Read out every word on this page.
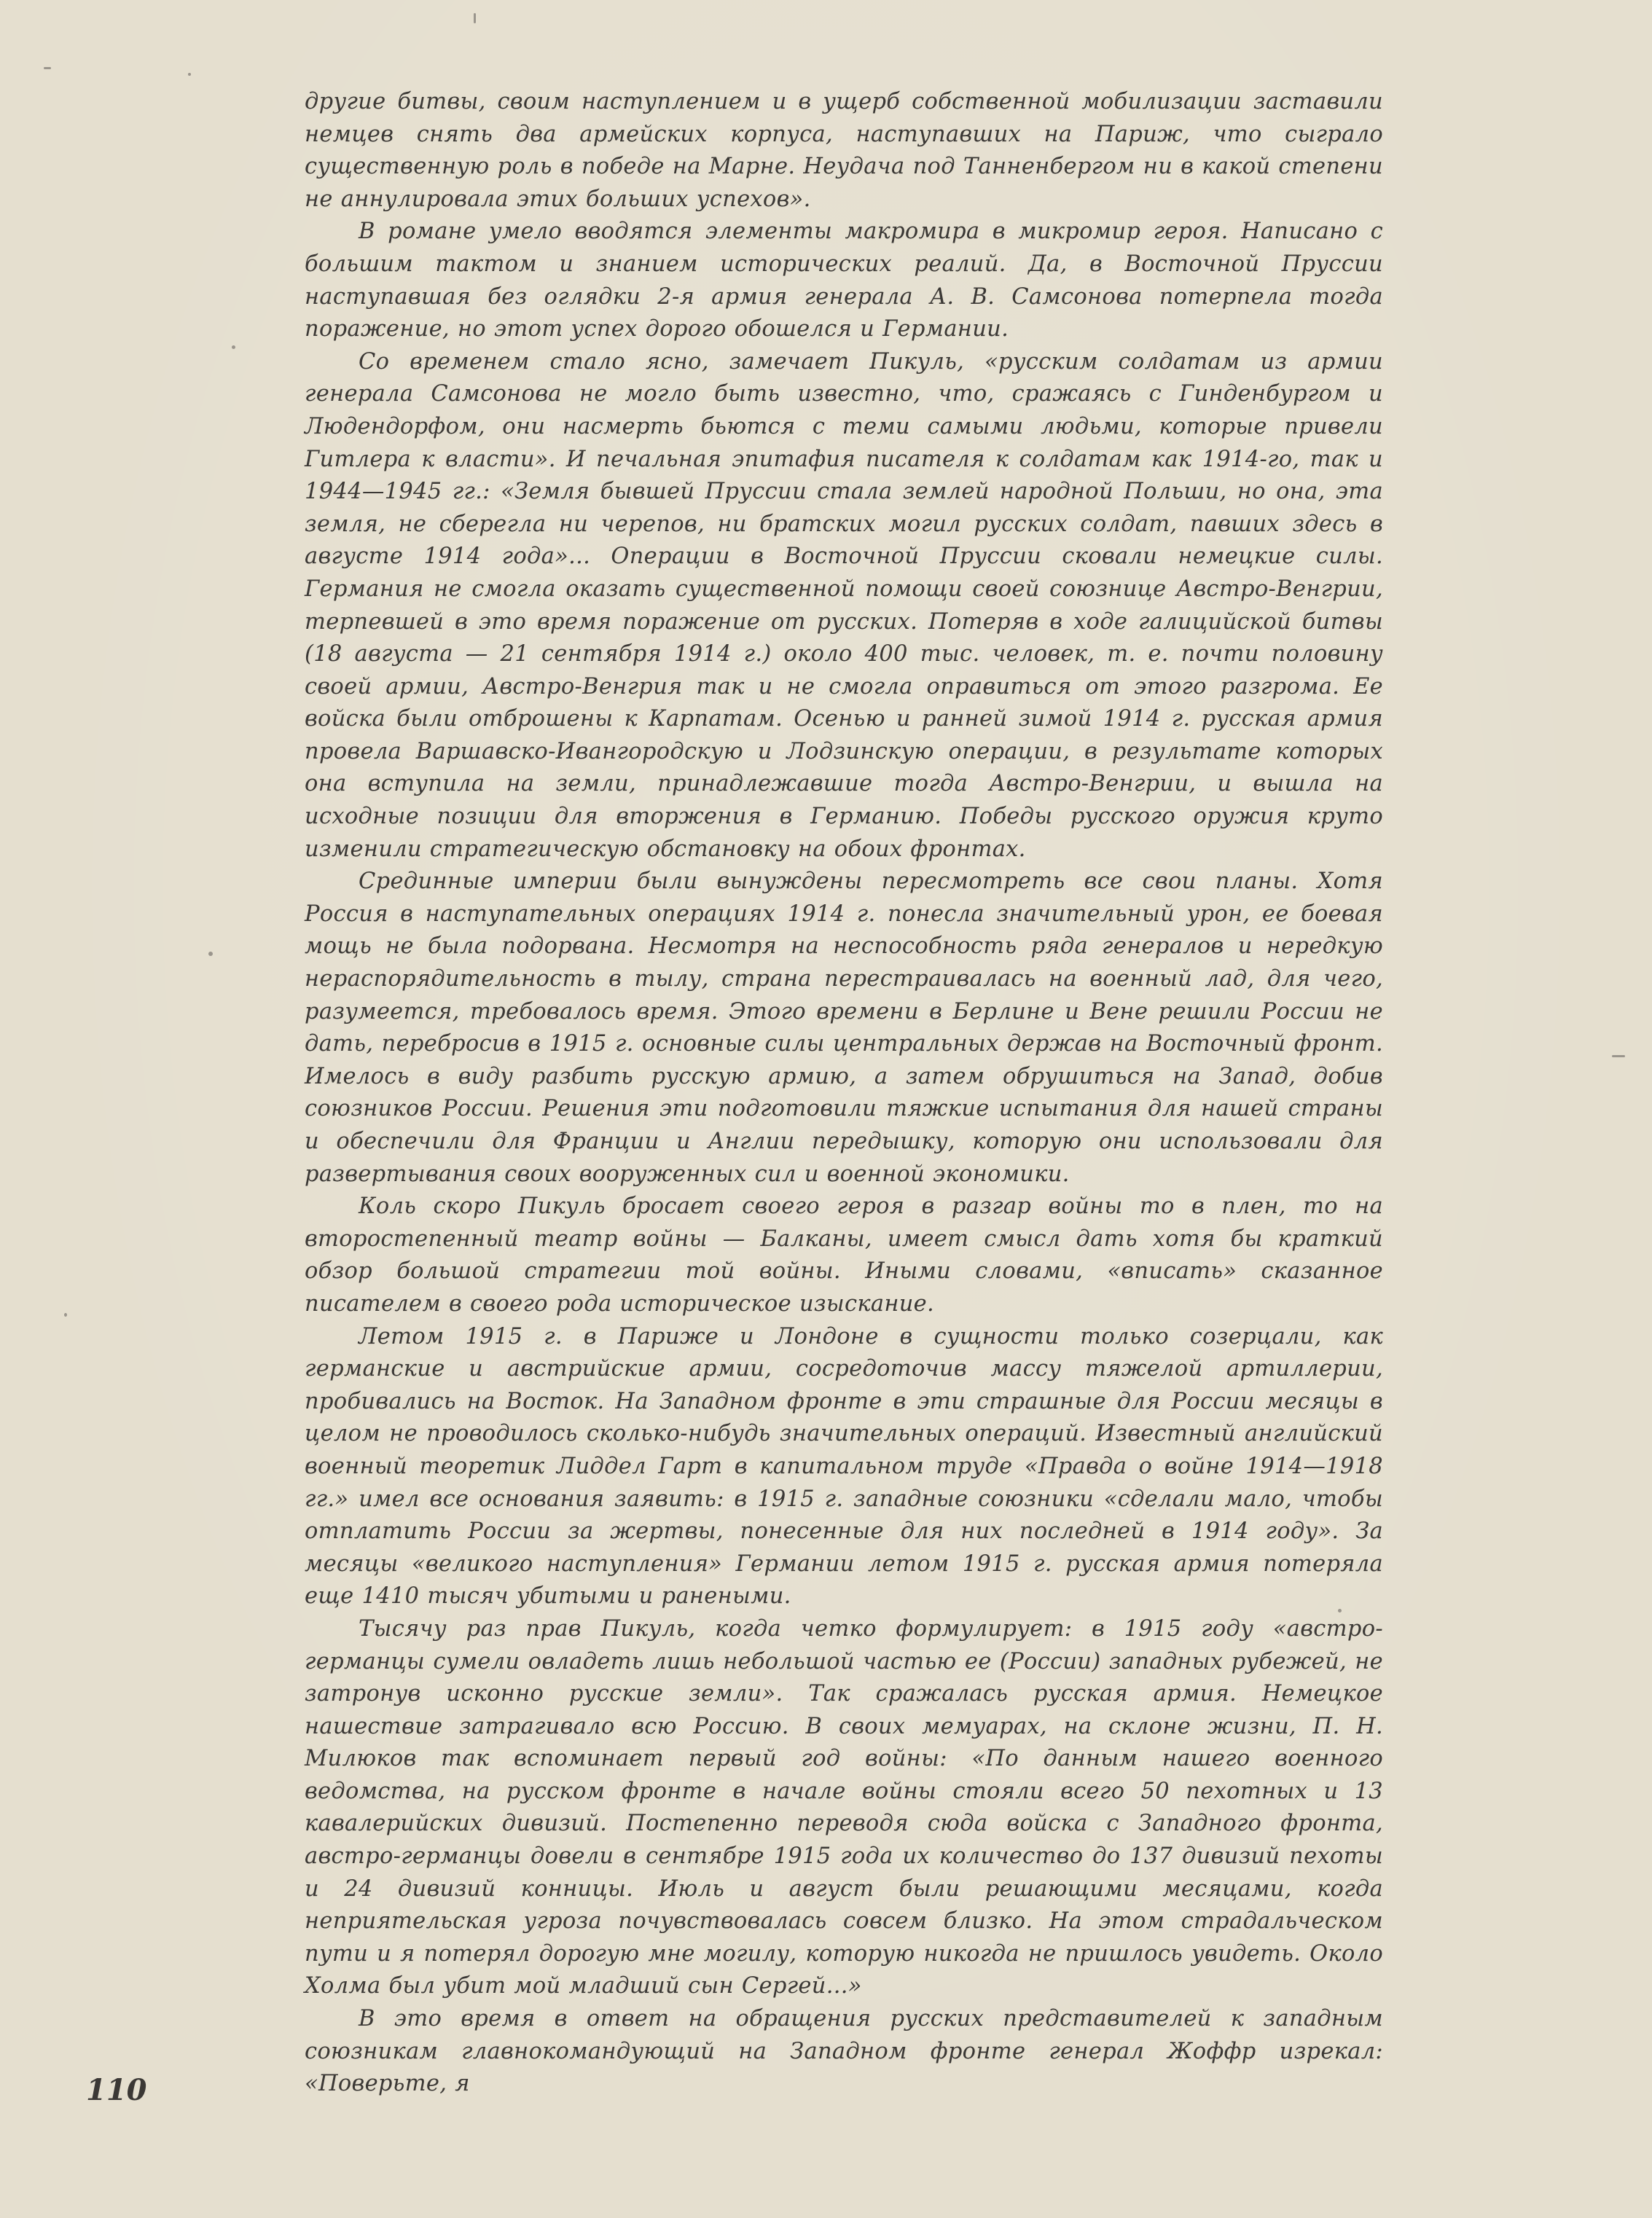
другие битвы, своим наступлением и в ущерб собственной мобилизации заставили немцев снять два армейских корпуса, наступавших на Париж, что сыграло существенную роль в победе на Марне. Неудача под Танненбергом ни в какой степени не аннулировала этих больших успехов».

В романе умело вводятся элементы макромира в микромир героя. Написано с большим тактом и знанием исторических реалий. Да, в Восточной Пруссии наступавшая без оглядки 2-я армия генерала А. В. Самсонова потерпела тогда поражение, но этот успех дорого обошелся и Германии.

Со временем стало ясно, замечает Пикуль, «русским солдатам из армии генерала Самсонова не могло быть известно, что, сражаясь с Гинденбургом и Людендорфом, они насмерть бьются с теми самыми людьми, которые привели Гитлера к власти». И печальная эпитафия писателя к солдатам как 1914-го, так и 1944—1945 гг.: «Земля бывшей Пруссии стала землей народной Польши, но она, эта земля, не сберегла ни черепов, ни братских могил русских солдат, павших здесь в августе 1914 года»... Операции в Восточной Пруссии сковали немецкие силы. Германия не смогла оказать существенной помощи своей союзнице Австро-Венгрии, терпевшей в это время поражение от русских. Потеряв в ходе галицийской битвы (18 августа — 21 сентября 1914 г.) около 400 тыс. человек, т. е. почти половину своей армии, Австро-Венгрия так и не смогла оправиться от этого разгрома. Ее войска были отброшены к Карпатам. Осенью и ранней зимой 1914 г. русская армия провела Варшавско-Ивангородскую и Лодзинскую операции, в результате которых она вступила на земли, принадлежавшие тогда Австро-Венгрии, и вышла на исходные позиции для вторжения в Германию. Победы русского оружия круто изменили стратегическую обстановку на обоих фронтах.

Срединные империи были вынуждены пересмотреть все свои планы. Хотя Россия в наступательных операциях 1914 г. понесла значительный урон, ее боевая мощь не была подорвана. Несмотря на неспособность ряда генералов и нередкую нераспорядительность в тылу, страна перестраивалась на военный лад, для чего, разумеется, требовалось время. Этого времени в Берлине и Вене решили России не дать, перебросив в 1915 г. основные силы центральных держав на Восточный фронт. Имелось в виду разбить русскую армию, а затем обрушиться на Запад, добив союзников России. Решения эти подготовили тяжкие испытания для нашей страны и обеспечили для Франции и Англии передышку, которую они использовали для развертывания своих вооруженных сил и военной экономики.

Коль скоро Пикуль бросает своего героя в разгар войны то в плен, то на второстепенный театр войны — Балканы, имеет смысл дать хотя бы краткий обзор большой стратегии той войны. Иными словами, «вписать» сказанное писателем в своего рода историческое изыскание.

Летом 1915 г. в Париже и Лондоне в сущности только созерцали, как германские и австрийские армии, сосредоточив массу тяжелой артиллерии, пробивались на Восток. На Западном фронте в эти страшные для России месяцы в целом не проводилось сколько-нибудь значительных операций. Известный английский военный теоретик Лиддел Гарт в капитальном труде «Правда о войне 1914—1918 гг.» имел все основания заявить: в 1915 г. западные союзники «сделали мало, чтобы отплатить России за жертвы, понесенные для них последней в 1914 году». За месяцы «великого наступления» Германии летом 1915 г. русская армия потеряла еще 1410 тысяч убитыми и ранеными.

Тысячу раз прав Пикуль, когда четко формулирует: в 1915 году «австро-германцы сумели овладеть лишь небольшой частью ее (России) западных рубежей, не затронув исконно русские земли». Так сражалась русская армия. Немецкое нашествие затрагивало всю Россию. В своих мемуарах, на склоне жизни, П. Н. Милюков так вспоминает первый год войны: «По данным нашего военного ведомства, на русском фронте в начале войны стояли всего 50 пехотных и 13 кавалерийских дивизий. Постепенно переводя сюда войска с Западного фронта, австро-германцы довели в сентябре 1915 года их количество до 137 дивизий пехоты и 24 дивизий конницы. Июль и август были решающими месяцами, когда неприятельская угроза почувствовалась совсем близко. На этом страдальческом пути и я потерял дорогую мне могилу, которую никогда не пришлось увидеть. Около Холма был убит мой младший сын Сергей...»

В это время в ответ на обращения русских представителей к западным союзникам главнокомандующий на Западном фронте генерал Жоффр изрекал: «Поверьте, я

110
